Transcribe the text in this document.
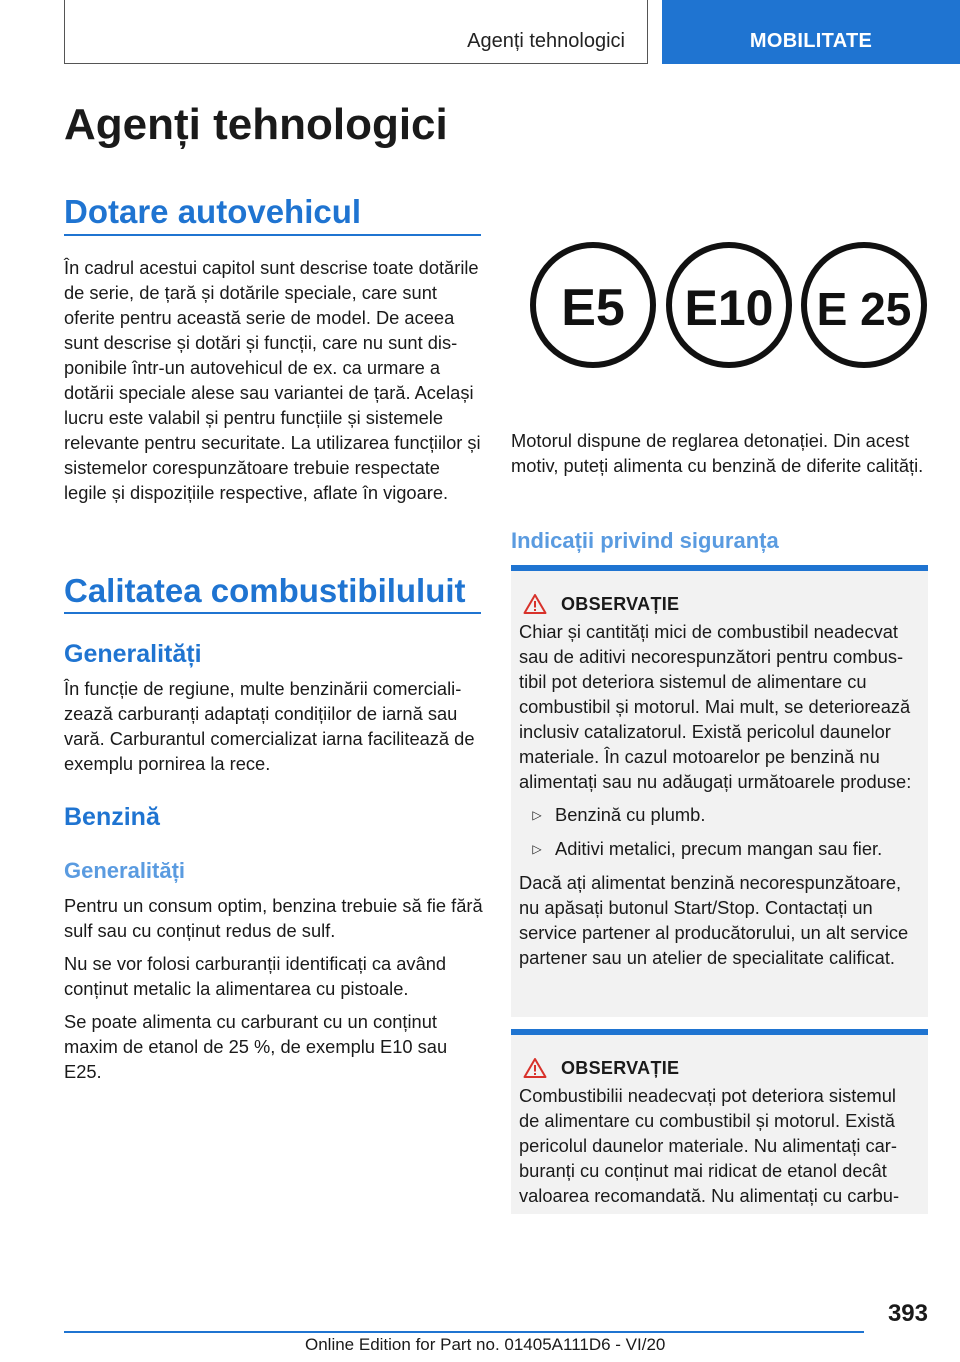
Agenți tehnologici	MOBILITATE
Agenți tehnologici
Dotare autovehicul

În cadrul acestui capitol sunt descrise toate dotările de serie, de țară și dotările speciale, care sunt oferite pentru această serie de model. De aceea sunt descrise și dotări și funcții, care nu sunt disponibile într-un autovehicul de ex. ca urmare a dotării speciale alese sau variantei de țară. Același lucru este valabil și pentru funcțiile și sistemele relevante pentru securitate. La utilizarea funcțiilor și sistemelor corespunzătoare trebuie respectate legile și dispozițiile respective, aflate în vigoare.

Calitatea combustibiluluit
Generalități

În funcție de regiune, multe benzinării comercializează carburanți adaptați condițiilor de iarnă sau vară. Carburantul comercializat iarna facilitează de exemplu pornirea la rece.

Benzină
Generalități

Pentru un consum optim, benzina trebuie să fie fără sulf sau cu conținut redus de sulf.

Nu se vor folosi carburanții identificați ca având conținut metalic la alimentarea cu pistoale.

Se poate alimenta cu carburant cu un conținut maxim de etanol de 25 %, de exemplu E10 sau E25.

E5 E10 E 25

Motorul dispune de reglarea detonației. Din acest motiv, puteți alimenta cu benzină de diferite calități.

Indicații privind siguranța
OBSERVAȚIE

Chiar și cantități mici de combustibil neadecvat sau de aditivi necorespunzători pentru combustibil pot deteriora sistemul de alimentare cu combustibil și motorul. Mai mult, se deteriorează inclusiv catalizatorul. Există pericolul daunelor materiale. În cazul motoarelor pe benzină nu alimentați sau nu adăugați următoarele produse:

▷ Benzină cu plumb.
▷ Aditivi metalici, precum mangan sau fier.

Dacă ați alimentat benzină necorespunzătoare, nu apăsați butonul Start/Stop. Contactați un service partener al producătorului, un alt service partener sau un atelier de specialitate calificat.

OBSERVAȚIE

Combustibilii neadecvați pot deteriora sistemul de alimentare cu combustibil și motorul. Există pericolul daunelor materiale. Nu alimentați carburanți cu conținut mai ridicat de etanol decât valoarea recomandată. Nu alimentați cu carbu-

393
Online Edition for Part no. 01405A111D6 - VI/20
